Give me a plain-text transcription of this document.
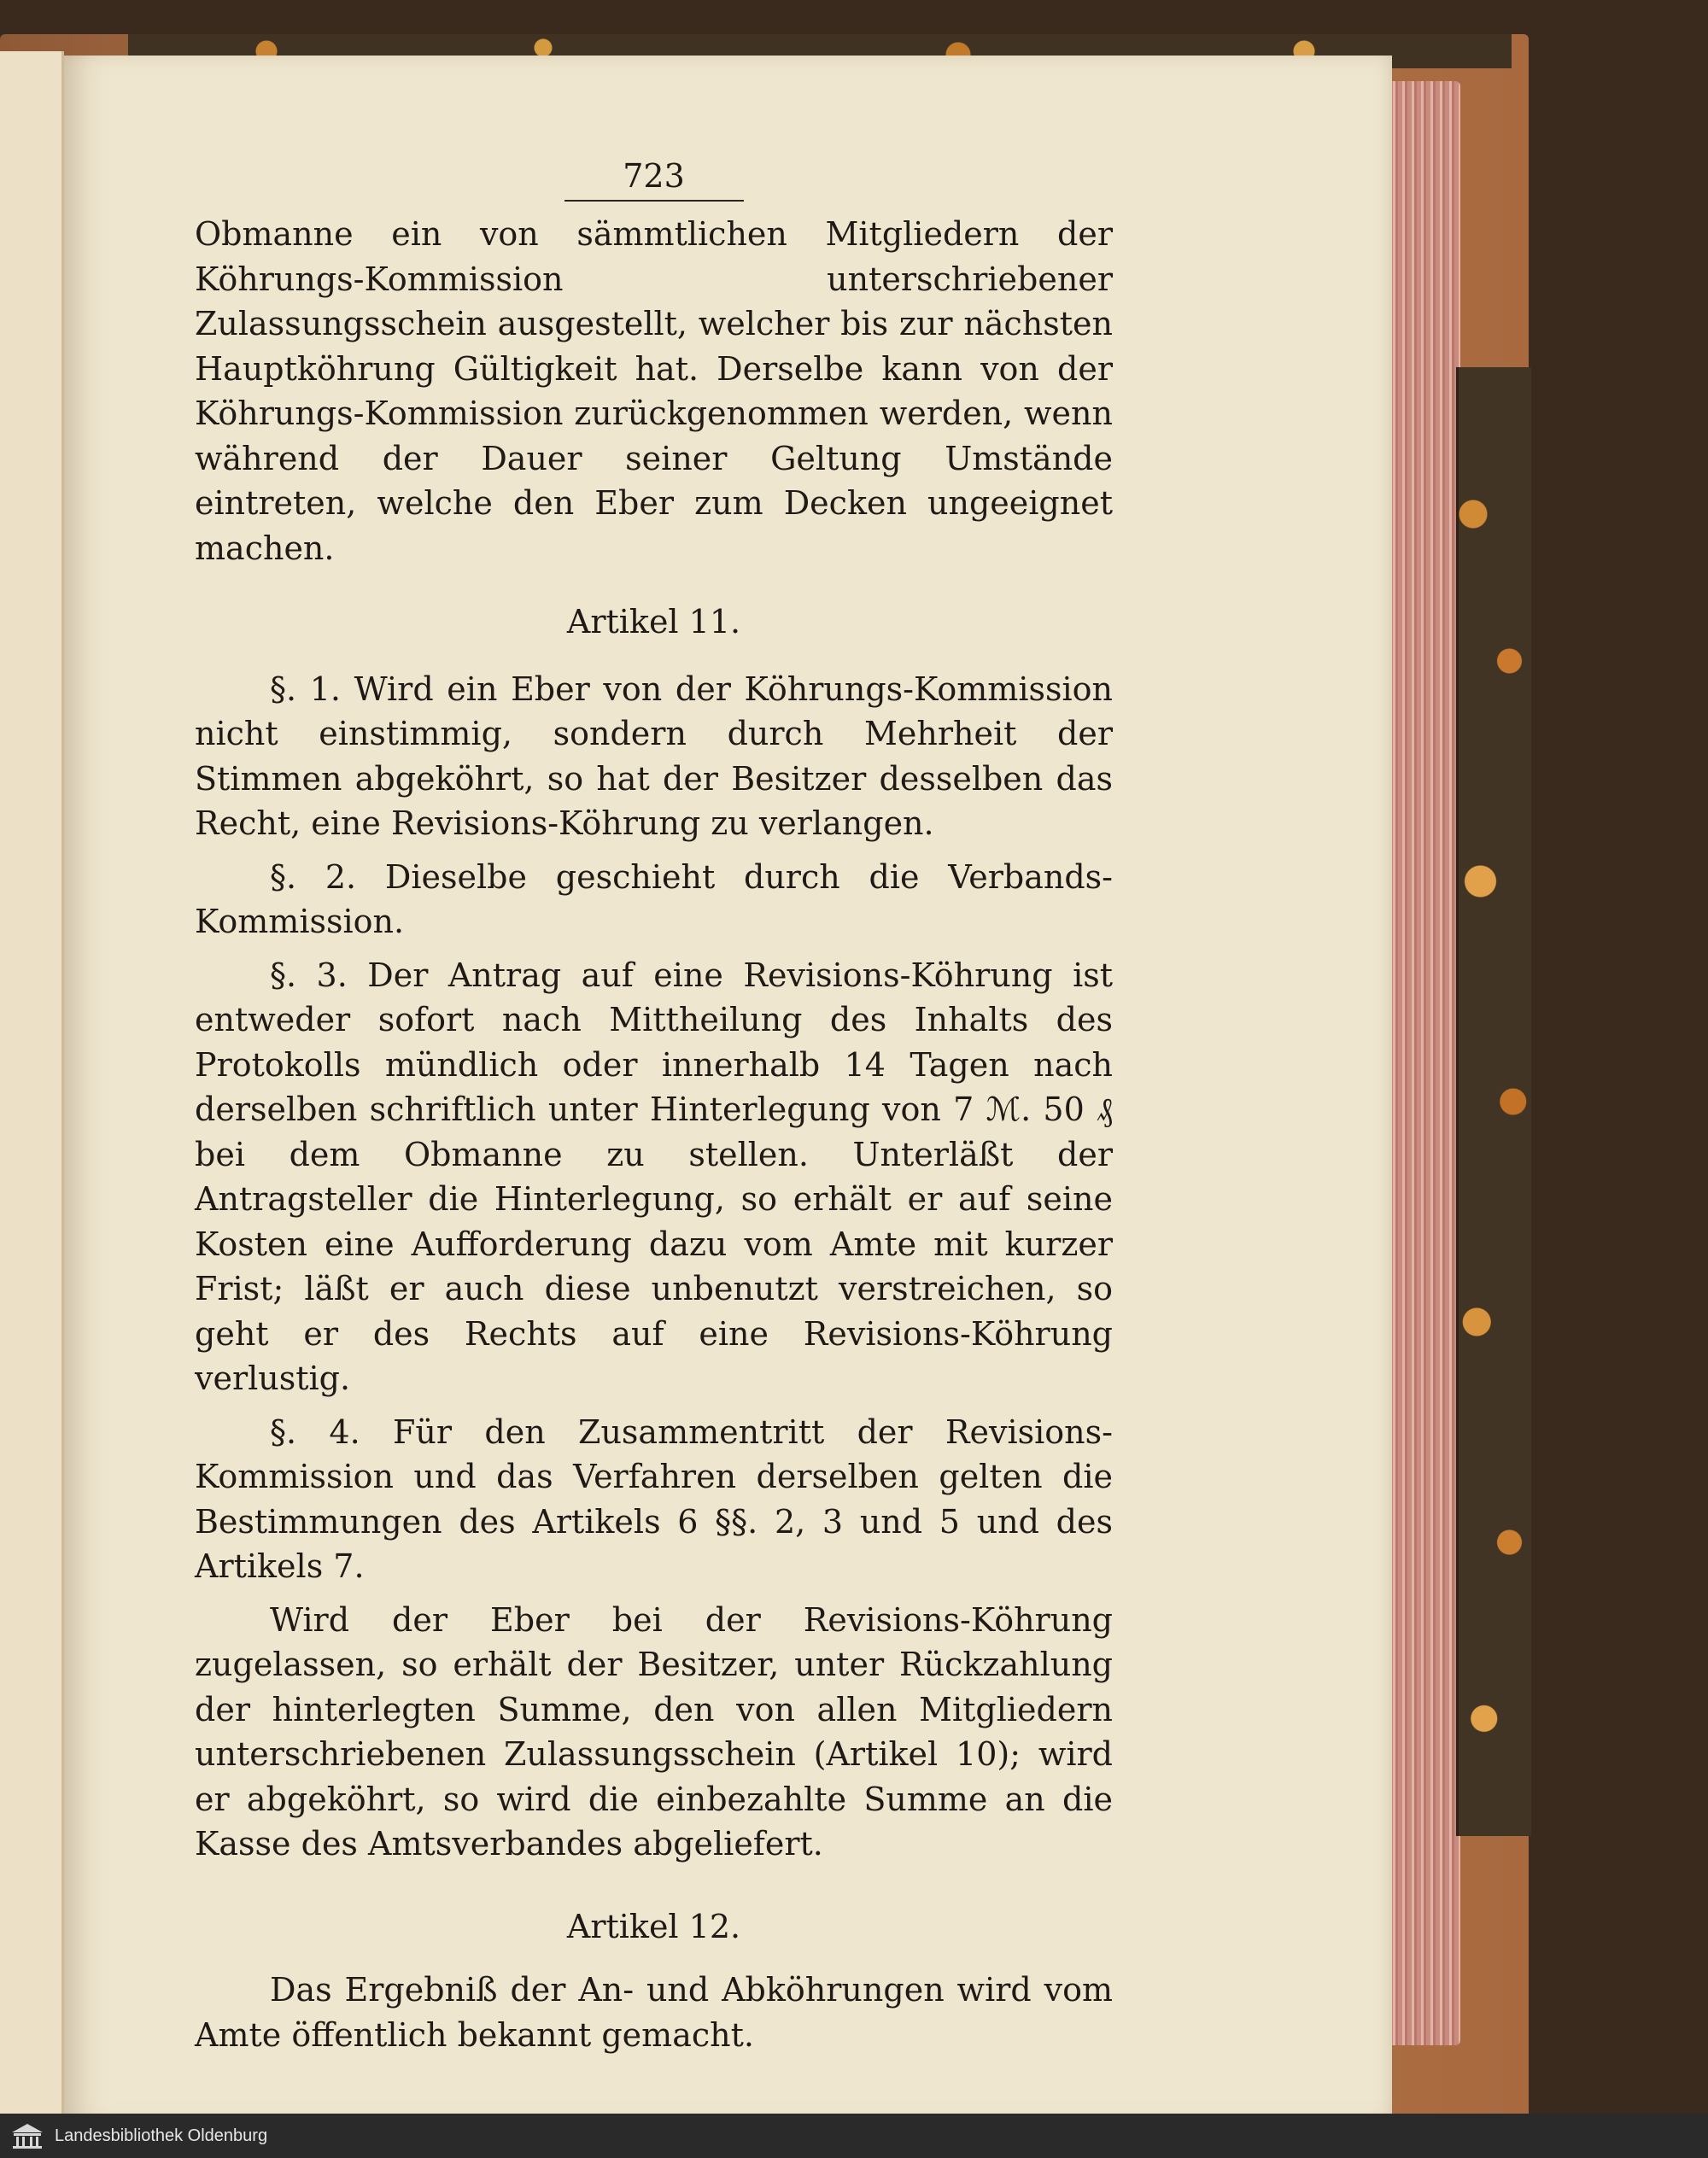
723

Obmanne ein von sämmtlichen Mitgliedern der Köhrungs-Kommission unterschriebener Zulassungsschein ausgestellt, welcher bis zur nächsten Hauptköhrung Gültigkeit hat. Derselbe kann von der Köhrungs-Kommission zurückgenommen werden, wenn während der Dauer seiner Geltung Umstände eintreten, welche den Eber zum Decken ungeeignet machen.

Artikel 11.

§. 1. Wird ein Eber von der Köhrungs-Kommission nicht einstimmig, sondern durch Mehrheit der Stimmen abgeköhrt, so hat der Besitzer desselben das Recht, eine Revisions-Köhrung zu verlangen.

§. 2. Dieselbe geschieht durch die Verbands-Kommission.

§. 3. Der Antrag auf eine Revisions-Köhrung ist entweder sofort nach Mittheilung des Inhalts des Protokolls mündlich oder innerhalb 14 Tagen nach derselben schriftlich unter Hinterlegung von 7 ℳ. 50 ₰ bei dem Obmanne zu stellen. Unterläßt der Antragsteller die Hinterlegung, so erhält er auf seine Kosten eine Aufforderung dazu vom Amte mit kurzer Frist; läßt er auch diese unbenutzt verstreichen, so geht er des Rechts auf eine Revisions-Köhrung verlustig.

§. 4. Für den Zusammentritt der Revisions-Kommission und das Verfahren derselben gelten die Bestimmungen des Artikels 6 §§. 2, 3 und 5 und des Artikels 7.

Wird der Eber bei der Revisions-Köhrung zugelassen, so erhält der Besitzer, unter Rückzahlung der hinterlegten Summe, den von allen Mitgliedern unterschriebenen Zulassungsschein (Artikel 10); wird er abgeköhrt, so wird die einbezahlte Summe an die Kasse des Amtsverbandes abgeliefert.

Artikel 12.

Das Ergebniß der An- und Abköhrungen wird vom Amte öffentlich bekannt gemacht.

Landesbibliothek Oldenburg
